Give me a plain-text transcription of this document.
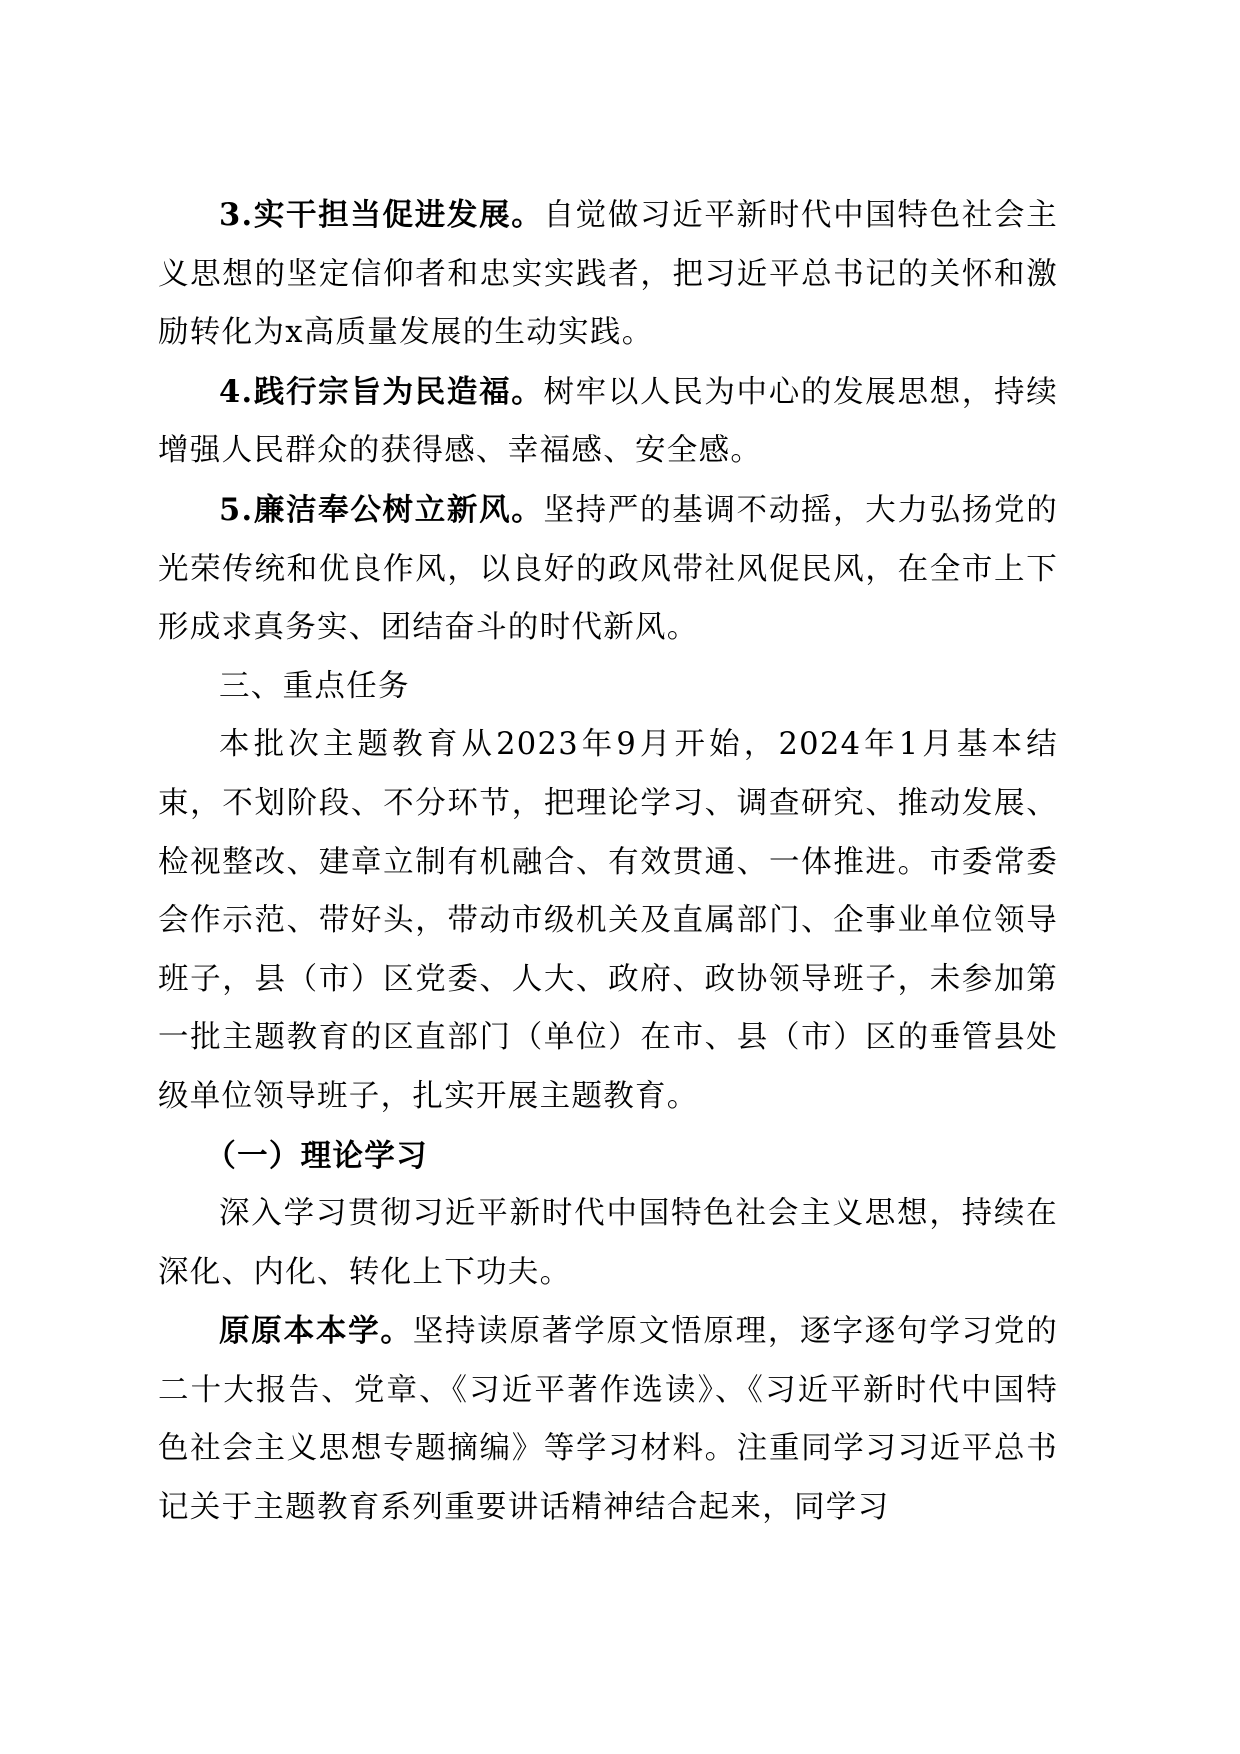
3.实干担当促进发展。自觉做习近平新时代中国特色社会主义思想的坚定信仰者和忠实实践者，把习近平总书记的关怀和激励转化为x高质量发展的生动实践。

4.践行宗旨为民造福。树牢以人民为中心的发展思想，持续增强人民群众的获得感、幸福感、安全感。

5.廉洁奉公树立新风。坚持严的基调不动摇，大力弘扬党的光荣传统和优良作风，以良好的政风带社风促民风，在全市上下形成求真务实、团结奋斗的时代新风。

三、重点任务

本批次主题教育从2023年9月开始，2024年1月基本结束，不划阶段、不分环节，把理论学习、调查研究、推动发展、检视整改、建章立制有机融合、有效贯通、一体推进。市委常委会作示范、带好头，带动市级机关及直属部门、企事业单位领导班子，县（市）区党委、人大、政府、政协领导班子，未参加第一批主题教育的区直部门（单位）在市、县（市）区的垂管县处级单位领导班子，扎实开展主题教育。

（一）理论学习

深入学习贯彻习近平新时代中国特色社会主义思想，持续在深化、内化、转化上下功夫。

原原本本学。坚持读原著学原文悟原理，逐字逐句学习党的二十大报告、党章、《习近平著作选读》、《习近平新时代中国特色社会主义思想专题摘编》等学习材料。注重同学习习近平总书记关于主题教育系列重要讲话精神结合起来，同学习
